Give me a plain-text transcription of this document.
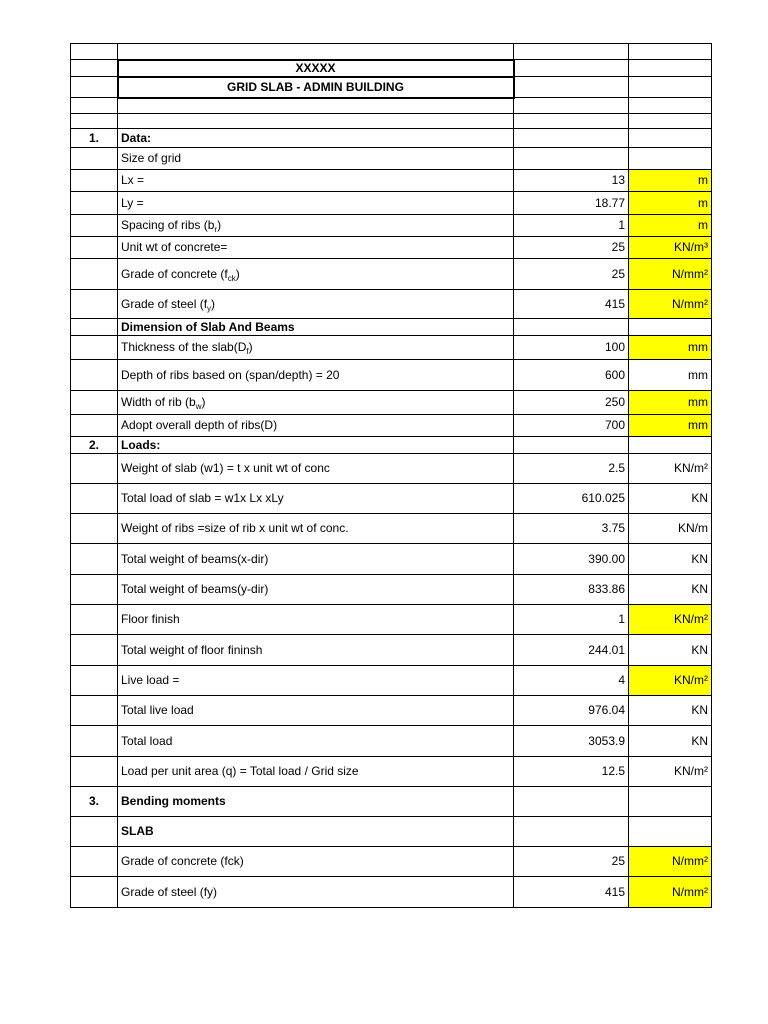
	XXXXX		
	GRID SLAB - ADMIN BUILDING		

1.	Data:		
	Size of grid		
	Lx =	13	m
	Ly =	18.77	m
	Spacing of ribs $(b_r)$	1	m
	Unit wt of concrete=	25	KN/m³
	Grade of concrete $(f_{ck})$	25	N/mm²
	Grade of steel $(f_y)$	415	N/mm²
	Dimension of Slab And Beams		
	Thickness of the $slab(D_f)$	100	mm
	Depth of ribs based on (span/depth) = 20	600	mm
	Width of rib $(b_w)$	250	mm
	Adopt overall depth of ribs(D)	700	mm
2.	Loads:		
	Weight of slab (w1) = t x unit wt of conc	2.5	KN/m²
	Total load of slab = w1x Lx xLy	610.025	KN
	Weight of ribs =size of rib x unit wt of conc.	3.75	KN/m
	Total weight of beams(x-dir)	390.00	KN
	Total weight of beams(y-dir)	833.86	KN
	Floor finish	1	KN/m²
	Total weight of floor fininsh	244.01	KN
	Live load =	4	KN/m²
	Total live load	976.04	KN
	Total load	3053.9	KN
	Load per unit area (q) = Total load / Grid size	12.5	KN/m²
3.	Bending moments		
	SLAB		
	Grade of concrete (fck)	25	N/mm²
	Grade of steel (fy)	415	N/mm²
